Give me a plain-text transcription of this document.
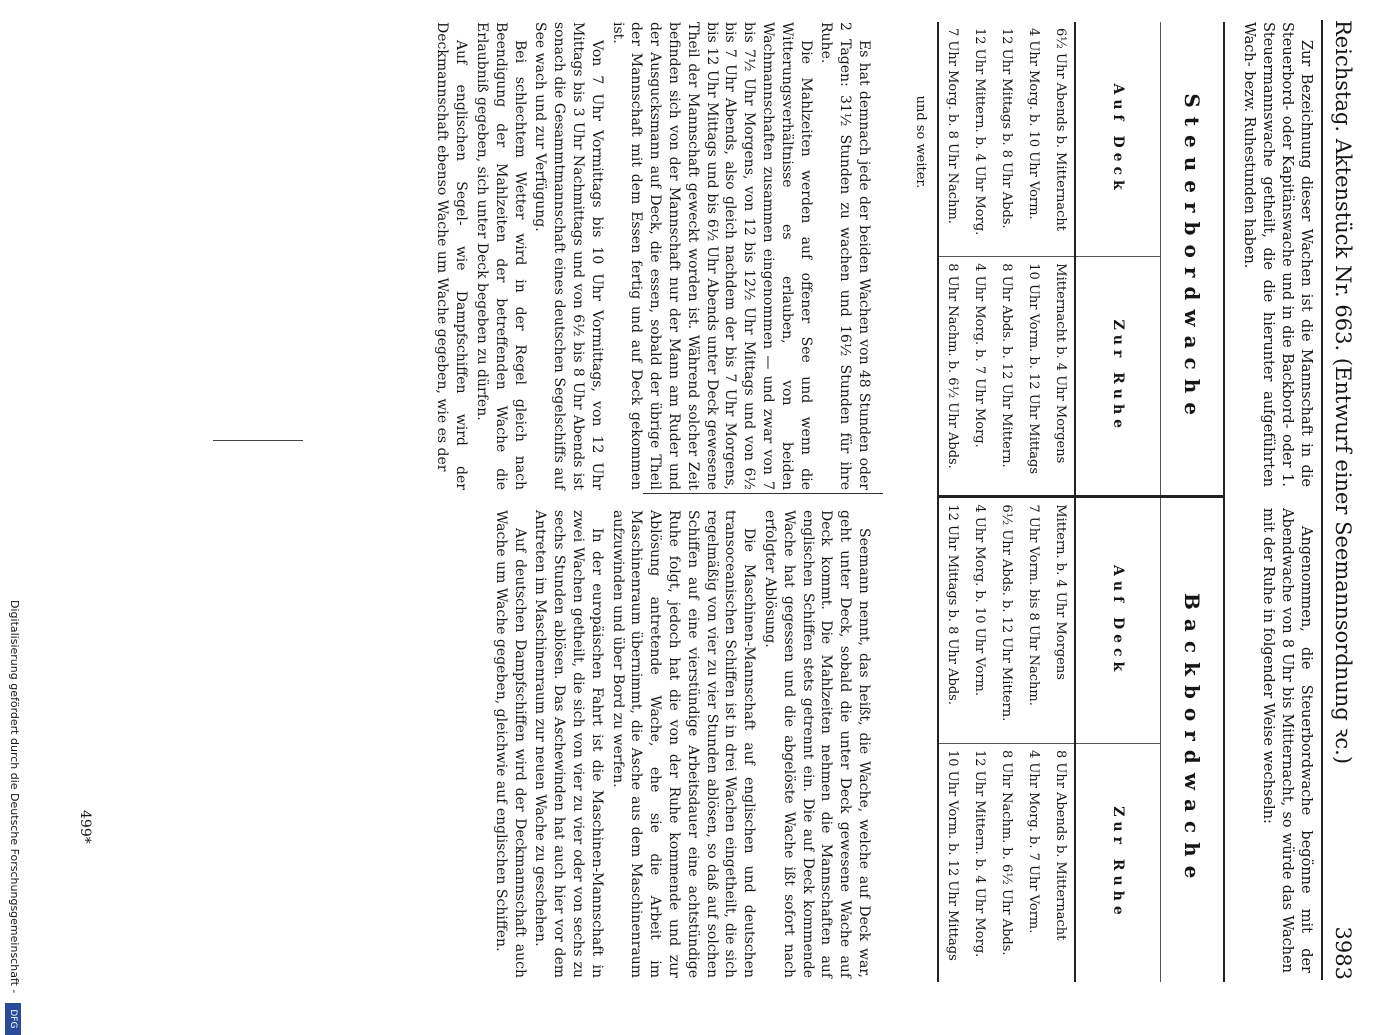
Reichstag. Aktenstück Nr. 663. (Entwurf einer Seemannsordnung ꝛc.)
3983

Zur Bezeichnung dieser Wachen ist die Mannschaft in die Steuerbord- oder Kapitänswache und in die Backbord- oder 1. Steuermannswache getheilt, die die hierunter aufgeführten Wach- bezw. Ruhestunden haben.

Angenommen, die Steuerbordwache begönne mit der Abendwache von 8 Uhr bis Mitternacht, so würde das Wachen mit der Ruhe in folgender Weise wechseln:

Steuerbordwache		Backbordwache	
Auf Deck	Zur Ruhe	Auf Deck	Zur Ruhe
6½ Uhr Abends b. Mitternacht	Mitternacht b. 4 Uhr Morgens	Mittern. b. 4 Uhr Morgens	8 Uhr Abends b. Mitternacht
4 Uhr Morg. b. 10 Uhr Vorm.	10 Uhr Vorm. b. 12 Uhr Mittags	7 Uhr Vorm. bis 8 Uhr Nachm.	4 Uhr Morg. b. 7 Uhr Vorm.
12 Uhr Mittags b. 8 Uhr Abds.	8 Uhr Abds. b. 12 Uhr Mittern.	6½ Uhr Abds. b. 12 Uhr Mittern.	8 Uhr Nachm. b. 6½ Uhr Abds.
12 Uhr Mittern. b. 4 Uhr Morg.	4 Uhr Morg. b. 7 Uhr Morg.	4 Uhr Morg. b. 10 Uhr Vorm.	12 Uhr Mittern. b. 4 Uhr Morg.
7 Uhr Morg. b. 8 Uhr Nachm.	8 Uhr Nachm. b. 6½ Uhr Abds.	12 Uhr Mittags b. 8 Uhr Abds.	10 Uhr Vorm. b. 12 Uhr Mittags
und so weiter.

Es hat demnach jede der beiden Wachen von 48 Stunden oder 2 Tagen: 31½ Stunden zu wachen und 16½ Stunden für ihre Ruhe.

Die Mahlzeiten werden auf offener See und wenn die Witterungsverhältnisse es erlauben, von beiden Wachmannschaften zusammen eingenommen — und zwar von 7 bis 7½ Uhr Morgens, von 12 bis 12½ Uhr Mittags und von 6½ bis 7 Uhr Abends, also gleich nachdem der bis 7 Uhr Morgens, bis 12 Uhr Mittags und bis 6½ Uhr Abends unter Deck gewesene Theil der Mannschaft geweckt worden ist. Während solcher Zeit befinden sich von der Mannschaft nur der Mann am Ruder und der Ausgucksmann auf Deck, die essen, sobald der übrige Theil der Mannschaft mit dem Essen fertig und auf Deck gekommen ist.

Von 7 Uhr Vormittags bis 10 Uhr Vormittags, von 12 Uhr Mittags bis 3 Uhr Nachmittags und von 6½ bis 8 Uhr Abends ist sonach die Gesammtmannschaft eines deutschen Segelschiffs auf See wach und zur Verfügung.

Bei schlechtem Wetter wird in der Regel gleich nach Beendigung der Mahlzeiten der betreffenden Wache die Erlaubniß gegeben, sich unter Deck begeben zu dürfen.

Auf englischen Segel- wie Dampfschiffen wird der Deckmannschaft ebenso Wache um Wache gegeben, wie es der

Seemann nennt, das heißt, die Wache, welche auf Deck war, geht unter Deck, sobald die unter Deck gewesene Wache auf Deck kommt. Die Mahlzeiten nehmen die Mannschaften auf englischen Schiffen stets getrennt ein. Die auf Deck kommende Wache hat gegessen und die abgelöste Wache ißt sofort nach erfolgter Ablösung.

Die Maschinen-Mannschaft auf englischen und deutschen transoceanischen Schiffen ist in drei Wachen eingetheilt, die sich regelmäßig von vier zu vier Stunden ablösen, so daß auf solchen Schiffen auf eine vierstündige Arbeitsdauer eine achtstündige Ruhe folgt, jedoch hat die von der Ruhe kommende und zur Ablösung antretende Wache, ehe sie die Arbeit im Maschinenraum übernimmt, die Asche aus dem Maschinenraum aufzuwinden und über Bord zu werfen.

In der europäischen Fahrt ist die Maschinen-Mannschaft in zwei Wachen getheilt, die sich von vier zu vier oder von sechs zu sechs Stunden ablösen. Das Aschewinden hat auch hier vor dem Antreten im Maschinenraum zur neuen Wache zu geschehen.

Auf deutschen Dampfschiffen wird der Deckmannschaft auch Wache um Wache gegeben, gleichwie auf englischen Schiffen.

499*
Digitalisierung gefördert durch die Deutsche Forschungsgemeinschaft - DFG
